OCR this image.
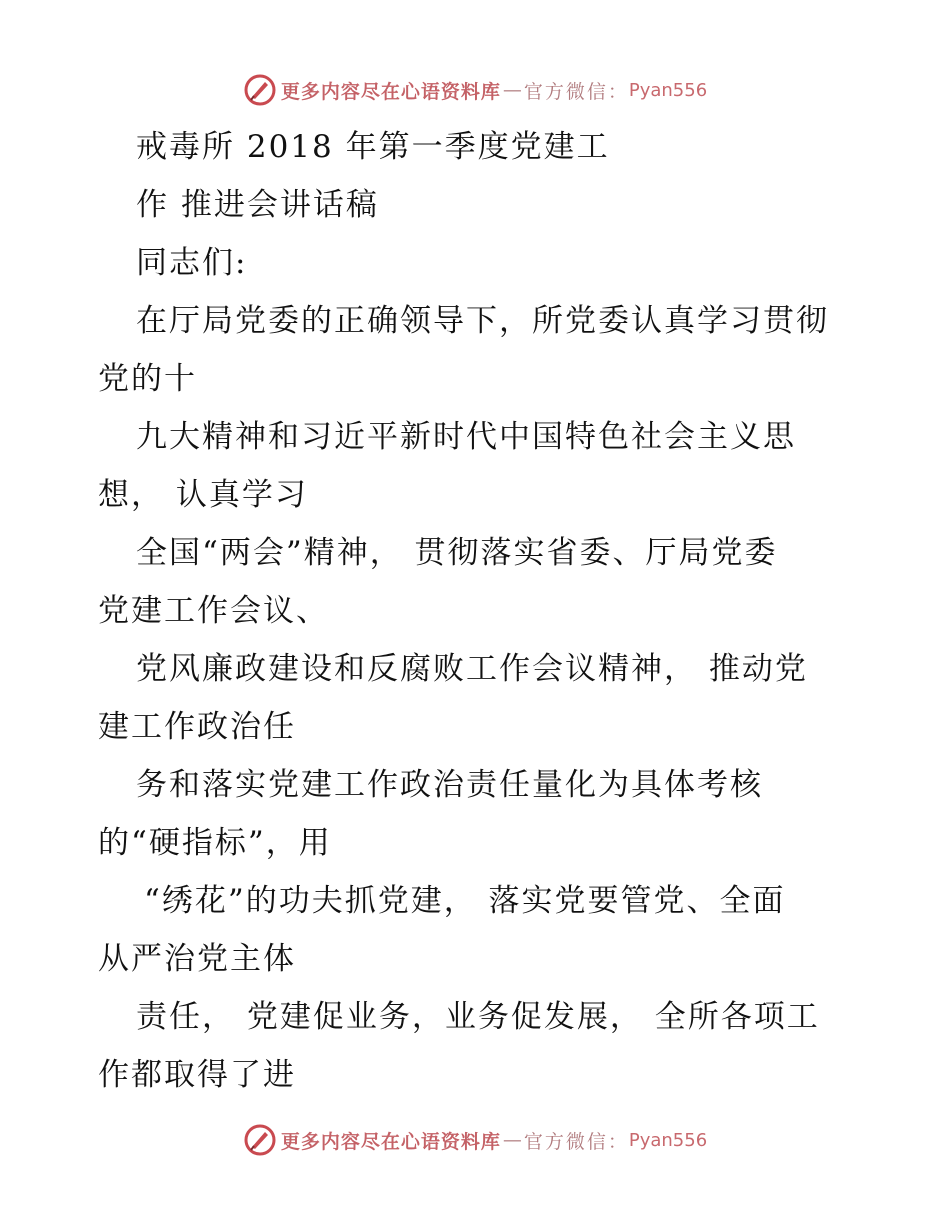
更多内容尽在心语资料库 — 官方微信： Pyan556
戒毒所 2018 年第一季度党建工
作 推进会讲话稿
同志们:
在厅局党委的正确领导下，所党委认真学习贯彻
党的十
九大精神和习近平新时代中国特色社会主义思
想， 认真学习
全国“两会”精神， 贯彻落实省委、厅局党委
党建工作会议、
党风廉政建设和反腐败工作会议精神， 推动党
建工作政治任
务和落实党建工作政治责任量化为具体考核
的“硬指标”，用
“绣花”的功夫抓党建， 落实党要管党、全面
从严治党主体
责任， 党建促业务，业务促发展， 全所各项工
作都取得了进
更多内容尽在心语资料库 — 官方微信： Pyan556
